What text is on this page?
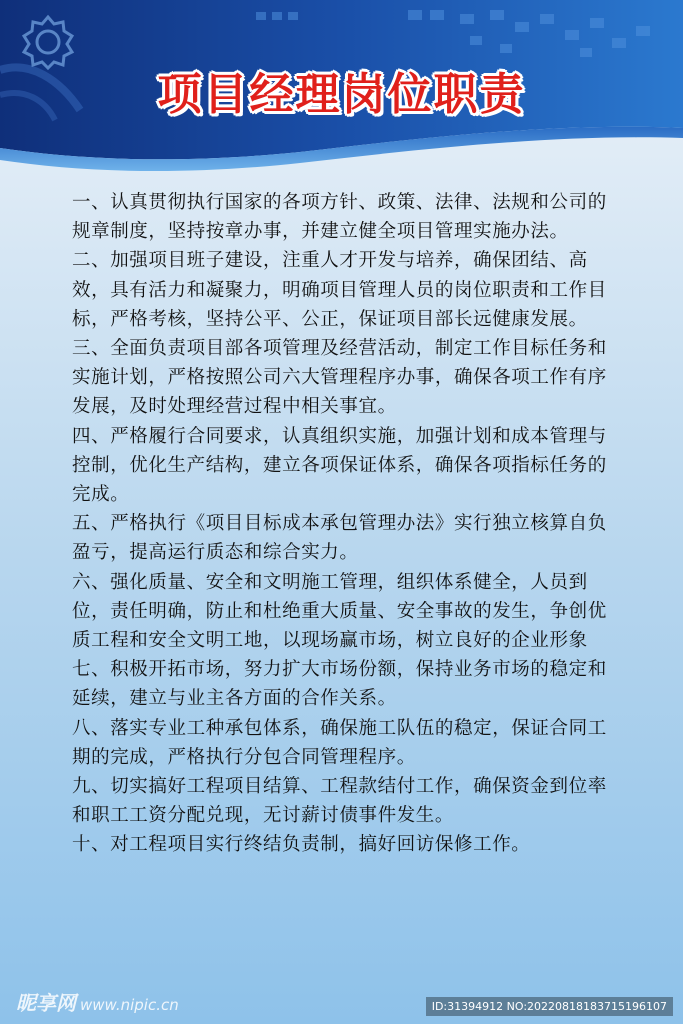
项目经理岗位职责

一、认真贯彻执行国家的各项方针、政策、法律、法规和公司的规章制度，坚持按章办事，并建立健全项目管理实施办法。

二、加强项目班子建设，注重人才开发与培养，确保团结、高效，具有活力和凝聚力，明确项目管理人员的岗位职责和工作目标，严格考核，坚持公平、公正，保证项目部长远健康发展。

三、全面负责项目部各项管理及经营活动，制定工作目标任务和实施计划，严格按照公司六大管理程序办事，确保各项工作有序发展，及时处理经营过程中相关事宜。

四、严格履行合同要求，认真组织实施，加强计划和成本管理与控制，优化生产结构，建立各项保证体系，确保各项指标任务的完成。

五、严格执行《项目目标成本承包管理办法》实行独立核算自负盈亏，提高运行质态和综合实力。

六、强化质量、安全和文明施工管理，组织体系健全，人员到位，责任明确，防止和杜绝重大质量、安全事故的发生，争创优质工程和安全文明工地，以现场赢市场，树立良好的企业形象

七、积极开拓市场，努力扩大市场份额，保持业务市场的稳定和延续，建立与业主各方面的合作关系。

八、落实专业工种承包体系，确保施工队伍的稳定，保证合同工期的完成，严格执行分包合同管理程序。

九、切实搞好工程项目结算、工程款结付工作，确保资金到位率和职工工资分配兑现，无讨薪讨债事件发生。

十、对工程项目实行终结负责制，搞好回访保修工作。

昵享网 www.nipic.cn	ID:31394912 NO:20220818183715196107
